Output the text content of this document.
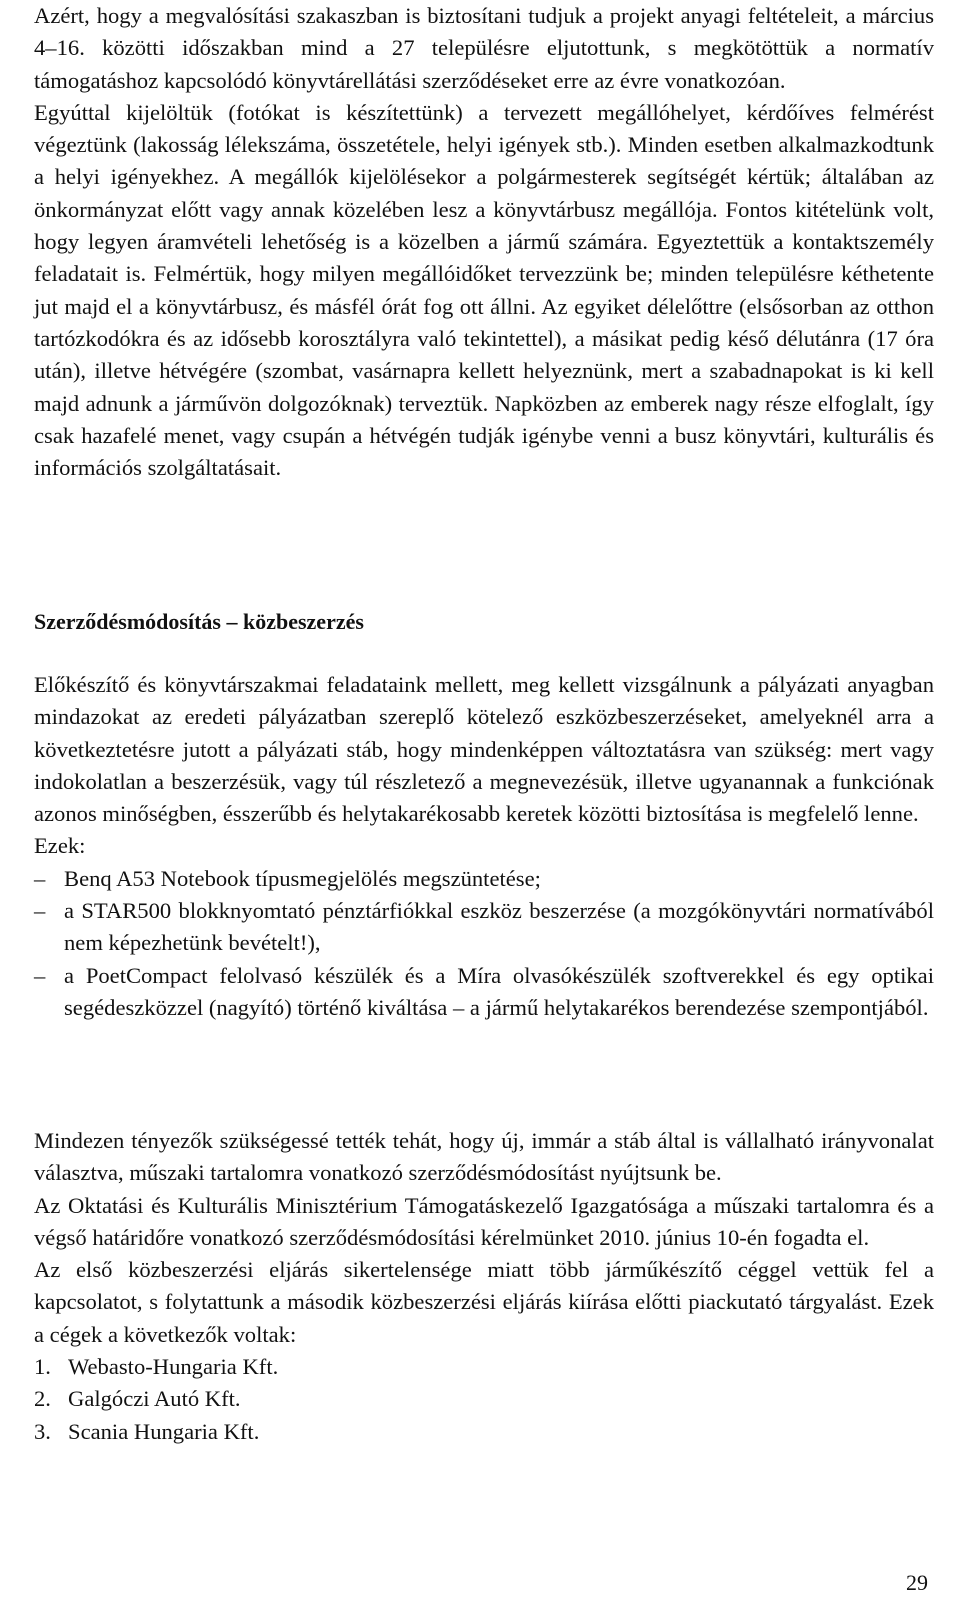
Azért, hogy a megvalósítási szakaszban is biztosítani tudjuk a projekt anyagi feltételeit, a március 4–16. közötti időszakban mind a 27 településre eljutottunk, s megkötöttük a normatív támogatáshoz kapcsolódó könyvtárellátási szerződéseket erre az évre vonatkozóan.

Egyúttal kijelöltük (fotókat is készítettünk) a tervezett megállóhelyet, kérdőíves felmérést végeztünk (lakosság lélekszáma, összetétele, helyi igények stb.). Minden esetben alkalmazkodtunk a helyi igényekhez. A megállók kijelölésekor a polgármesterek segítségét kértük; általában az önkormányzat előtt vagy annak közelében lesz a könyvtárbusz megállója. Fontos kitételünk volt, hogy legyen áramvételi lehetőség is a közelben a jármű számára. Egyeztettük a kontaktszemély feladatait is. Felmértük, hogy milyen megállóidőket tervezzünk be; minden településre kéthetente jut majd el a könyvtárbusz, és másfél órát fog ott állni. Az egyiket délelőttre (elsősorban az otthon tartózkodókra és az idősebb korosztályra való tekintettel), a másikat pedig késő délutánra (17 óra után), illetve hétvégére (szombat, vasárnapra kellett helyeznünk, mert a szabadnapokat is ki kell majd adnunk a járművön dolgozóknak) terveztük. Napközben az emberek nagy része elfoglalt, így csak hazafelé menet, vagy csupán a hétvégén tudják igénybe venni a busz könyvtári, kulturális és információs szolgáltatásait.

Szerződésmódosítás – közbeszerzés

Előkészítő és könyvtárszakmai feladataink mellett, meg kellett vizsgálnunk a pályázati anyagban mindazokat az eredeti pályázatban szereplő kötelező eszközbeszerzéseket, amelyeknél arra a következtetésre jutott a pályázati stáb, hogy mindenképpen változtatásra van szükség: mert vagy indokolatlan a beszerzésük, vagy túl részletező a megnevezésük, illetve ugyanannak a funkciónak azonos minőségben, ésszerűbb és helytakarékosabb keretek közötti biztosítása is megfelelő lenne.

Ezek:

– Benq A53 Notebook típusmegjelölés megszüntetése;
– a STAR500 blokknyomtató pénztárfiókkal eszköz beszerzése (a mozgókönyvtári normatívából nem képezhetünk bevételt!),
– a PoetCompact felolvasó készülék és a Míra olvasókészülék szoftverekkel és egy optikai segédeszközzel (nagyító) történő kiváltása – a jármű helytakarékos berendezése szempontjából.

Mindezen tényezők szükségessé tették tehát, hogy új, immár a stáb által is vállalható irányvonalat választva, műszaki tartalomra vonatkozó szerződésmódosítást nyújtsunk be.

Az Oktatási és Kulturális Minisztérium Támogatáskezelő Igazgatósága a műszaki tartalomra és a végső határidőre vonatkozó szerződésmódosítási kérelmünket 2010. június 10-én fogadta el.

Az első közbeszerzési eljárás sikertelensége miatt több járműkészítő céggel vettük fel a kapcsolatot, s folytattunk a második közbeszerzési eljárás kiírása előtti piackutató tárgyalást. Ezek a cégek a következők voltak:

1. Webasto-Hungaria Kft.
2. Galgóczi Autó Kft.
3. Scania Hungaria Kft.
29
